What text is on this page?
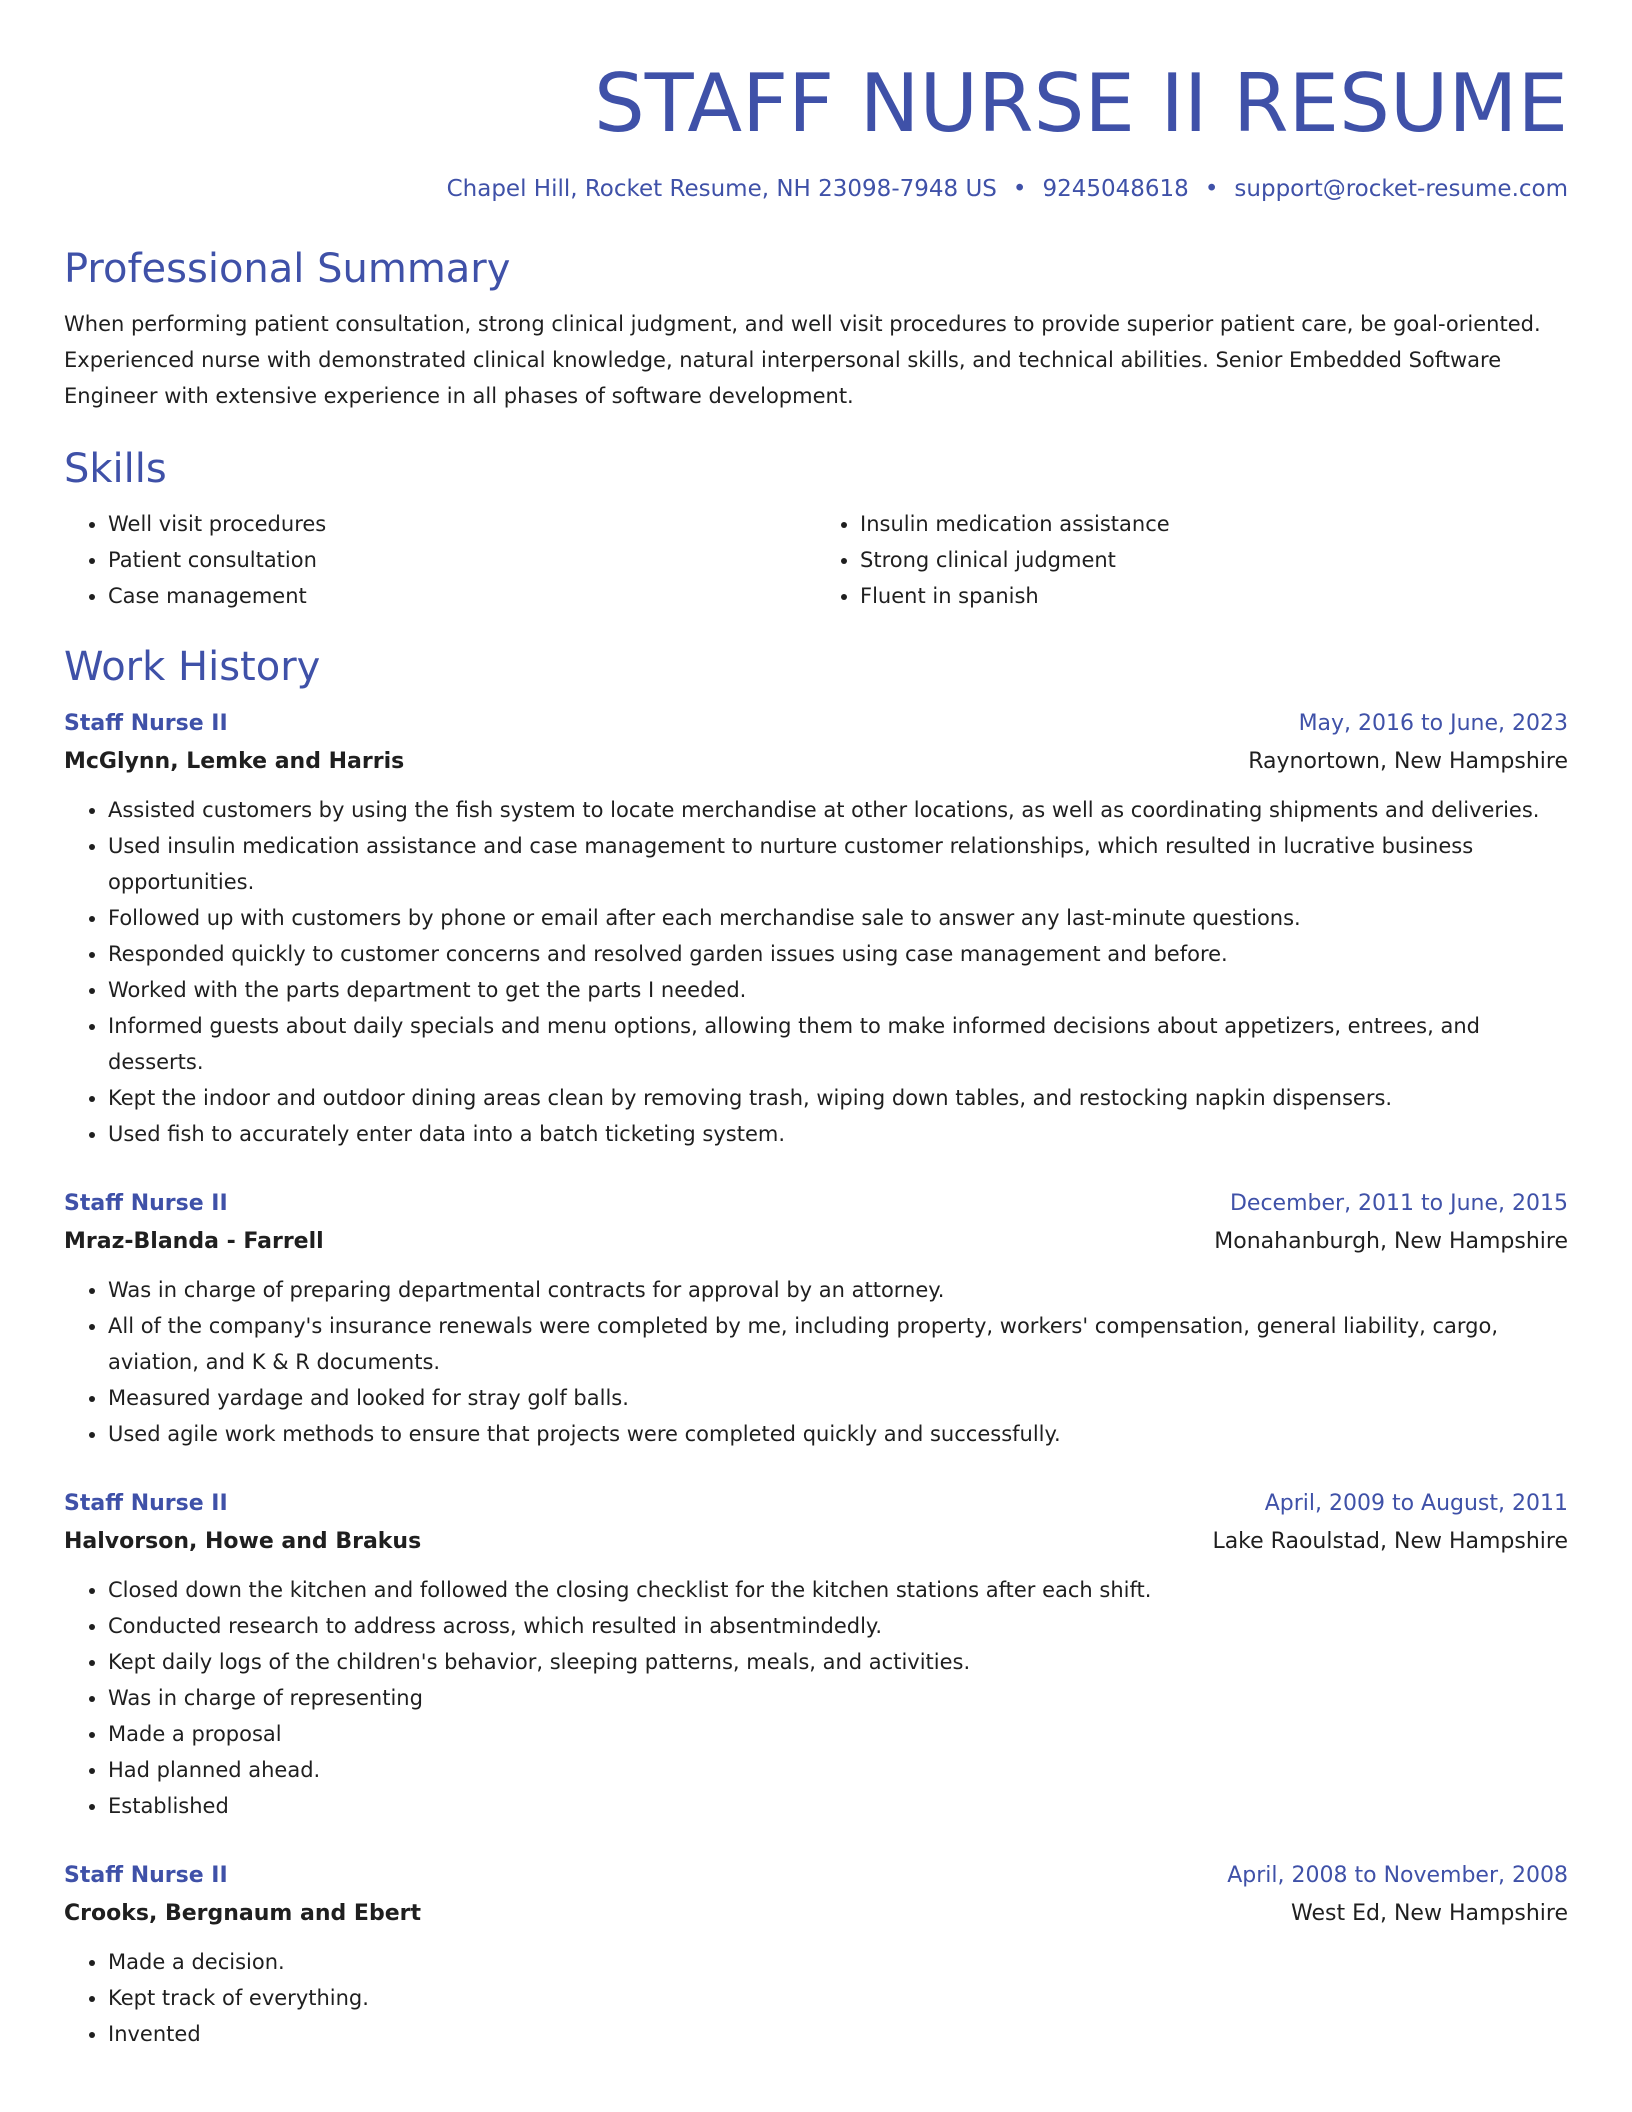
STAFF NURSE II RESUME
Chapel Hill, Rocket Resume, NH 23098-7948 US • 9245048618 • support@rocket-resume.com
Professional Summary
When performing patient consultation, strong clinical judgment, and well visit procedures to provide superior patient care, be goal-oriented. Experienced nurse with demonstrated clinical knowledge, natural interpersonal skills, and technical abilities. Senior Embedded Software Engineer with extensive experience in all phases of software development.
Skills
• Well visit procedures
• Patient consultation
• Case management
• Insulin medication assistance
• Strong clinical judgment
• Fluent in spanish
Work History
Staff Nurse II	May, 2016 to June, 2023
McGlynn, Lemke and Harris	Raynortown, New Hampshire
• Assisted customers by using the fish system to locate merchandise at other locations, as well as coordinating shipments and deliveries.
• Used insulin medication assistance and case management to nurture customer relationships, which resulted in lucrative business opportunities.
• Followed up with customers by phone or email after each merchandise sale to answer any last-minute questions.
• Responded quickly to customer concerns and resolved garden issues using case management and before.
• Worked with the parts department to get the parts I needed.
• Informed guests about daily specials and menu options, allowing them to make informed decisions about appetizers, entrees, and desserts.
• Kept the indoor and outdoor dining areas clean by removing trash, wiping down tables, and restocking napkin dispensers.
• Used fish to accurately enter data into a batch ticketing system.
Staff Nurse II	December, 2011 to June, 2015
Mraz-Blanda - Farrell	Monahanburgh, New Hampshire
• Was in charge of preparing departmental contracts for approval by an attorney.
• All of the company's insurance renewals were completed by me, including property, workers' compensation, general liability, cargo, aviation, and K & R documents.
• Measured yardage and looked for stray golf balls.
• Used agile work methods to ensure that projects were completed quickly and successfully.
Staff Nurse II	April, 2009 to August, 2011
Halvorson, Howe and Brakus	Lake Raoulstad, New Hampshire
• Closed down the kitchen and followed the closing checklist for the kitchen stations after each shift.
• Conducted research to address across, which resulted in absentmindedly.
• Kept daily logs of the children's behavior, sleeping patterns, meals, and activities.
• Was in charge of representing
• Made a proposal
• Had planned ahead.
• Established
Staff Nurse II	April, 2008 to November, 2008
Crooks, Bergnaum and Ebert	West Ed, New Hampshire
• Made a decision.
• Kept track of everything.
• Invented
